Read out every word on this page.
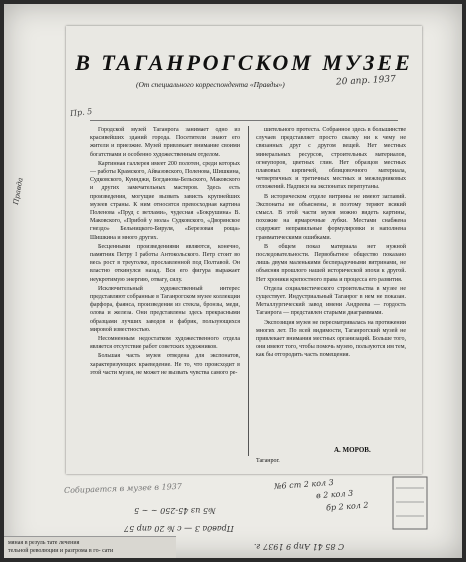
В ТАГАНРОГСКОМ МУЗЕЕ
(От специального корреспондента «Правды»)	20 апр. 1937
Пр. 5

Городской музей Таганрога занимает одно из красивейших зданий города. Посетители знают его жители и приезжие. Музей привлекает внимание своими богатствами и особенно художественным отделом.

Картинная галлерея имеет 200 полотен, среди которых — работы Крамского, Айвазовского, Поленова, Шишкина, Судковского, Куинджи, Богданова-Бельского, Маковского и других замечательных мастеров. Здесь есть произведения, могущие вызвать зависть крупнейших музеев страны. К ним относятся превосходная картина Поленова «Пруд с ветлами», чудесная «Бокрушина» В. Маковского, «Прибой у мола» Судковского, «Дворянское гнездо» Бельницкого-Бируля, «Березовая роща» Шишкина и много других.

Бесценными произведениями являются, конечно, памятник Петру I работы Антокольского. Петр стоит во весь рост в треуголке, прославленной под Полтавой. Он властно откинулся назад. Вся его фигура выражает неукротимую энергию, отвагу, силу.

Исключительный художественный интерес представляют собранные в Таганрогском музее коллекции фарфора, фаянса, произведения из стекла, бронзы, меди, олова и железа. Они представлены здесь прекрасными образцами лучших заводов и фабрик, пользующихся мировой известностью.

Несомненным недостатком художественного отдела является отсутствие работ советских художников.

Большая часть музея отведена для экспонатов, характеризующих краеведение. Не то, что происходит в этой части музея, не может не вызвать чувства самого ре-

шительного протеста. Собранное здесь в большинстве случаев представляет просто свалку ни к чему не связанных друг с другом вещей. Нет местных минеральных ресурсов, строительных материалов, огнеупоров, цветных глин. Нет образцов местных плавовых кирпичей, облицовочного материала, четвертичных и третичных местных и межледниковых отложений. Надписи на экспонатах перепутаны.

В историческом отделе витрины не имеют заглавий. Экспонаты не объяснены, и поэтому теряют всякий смысл. В этой части музея можно видеть картины, похожие на ярмарочные лубки. Местами снабжена содержит неправильные формулировки и наполнена грамматическими ошибками.

В общем показ материала нет нужной последовательности. Первобытное общество показано лишь двумя маленькими бесперадочными витринами, не объясняя прошлого нашей исторической эпохи к другой. Нет хроники крепостного права и процесса его развития.

Отдела социалистического строительства в музее не существует. Индустриальный Таганрог в нем не показан. Металлургический завод имени Андреева — гордость Таганрога — представлен старыми диаграммами.

Экспозиция музея не пересматривалась на протяжении многих лет. По всей видимости, Таганрогский музей не привлекает внимания местных организаций. Больше того, они имеют того, чтобы помочь музею, пользуются им тем, как бы отгородить часть помещения.

Таганрог.
А. МОРОВ.
Правда
№6 ст 2 кол 3
в 2 кол 3
бр 2 кол 2
Собирается в музее в 1937
Правда 3 — с № 20 апр 57
№5 из 45-250 ~ ~ 5
С 85 41 Апр 9 1937 г.
мяная в резуль тате лечения
тельной революции и разгрома в го- сати
